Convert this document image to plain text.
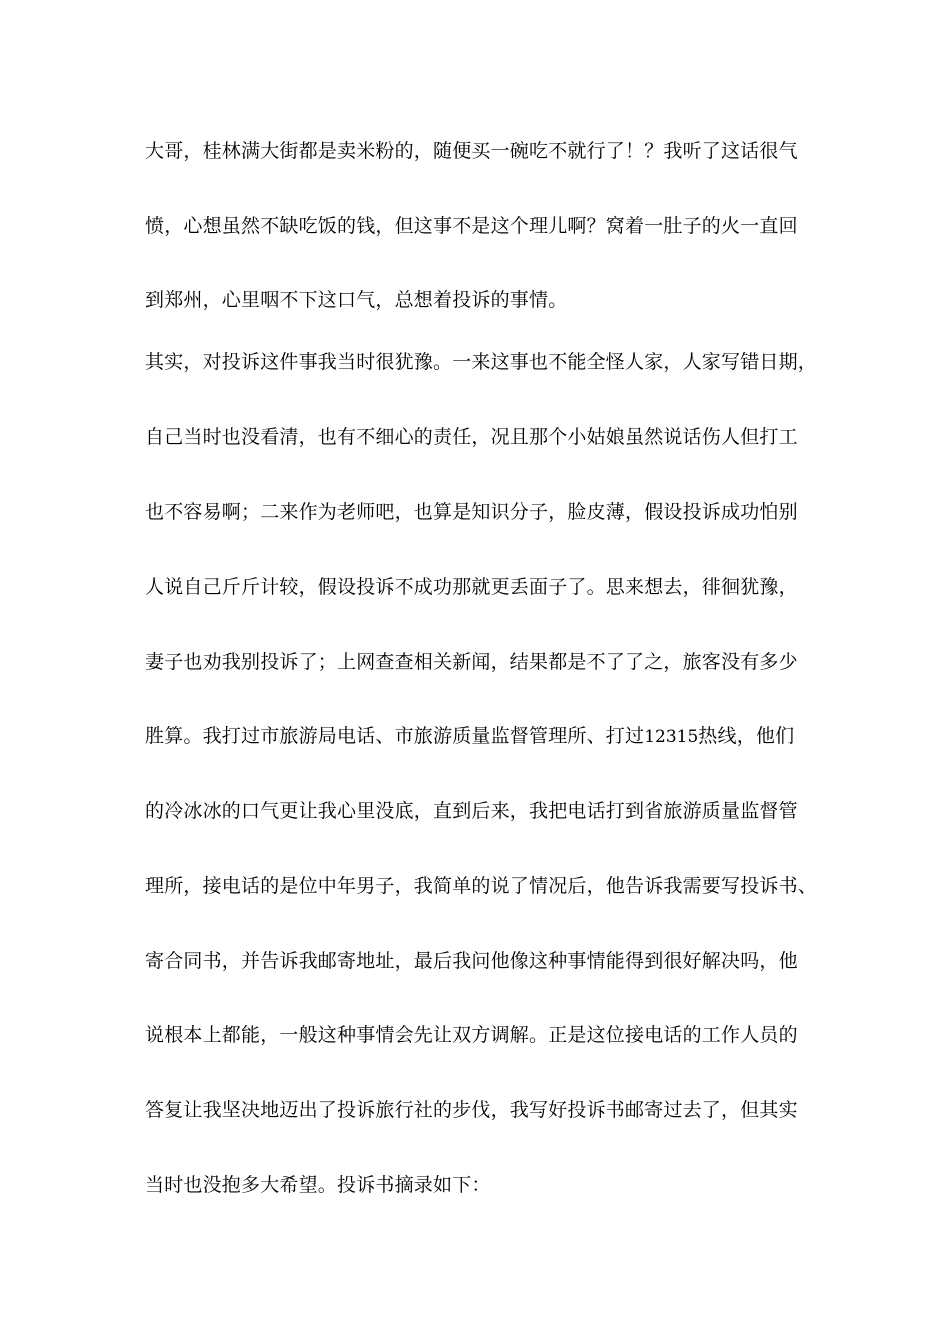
大哥，桂林满大街都是卖米粉的，随便买一碗吃不就行了！？我听了这话很气
愤，心想虽然不缺吃饭的钱，但这事不是这个理儿啊？窝着一肚子的火一直回
到郑州，心里咽不下这口气，总想着投诉的事情。
其实，对投诉这件事我当时很犹豫。一来这事也不能全怪人家，人家写错日期，
自己当时也没看清，也有不细心的责任，况且那个小姑娘虽然说话伤人但打工
也不容易啊；二来作为老师吧，也算是知识分子，脸皮薄，假设投诉成功怕别
人说自己斤斤计较，假设投诉不成功那就更丢面子了。思来想去，徘徊犹豫，
妻子也劝我别投诉了；上网查查相关新闻，结果都是不了了之，旅客没有多少
胜算。我打过市旅游局电话、市旅游质量监督管理所、打过12315热线，他们
的冷冰冰的口气更让我心里没底，直到后来，我把电话打到省旅游质量监督管
理所，接电话的是位中年男子，我简单的说了情况后，他告诉我需要写投诉书、
寄合同书，并告诉我邮寄地址，最后我问他像这种事情能得到很好解决吗，他
说根本上都能，一般这种事情会先让双方调解。正是这位接电话的工作人员的
答复让我坚决地迈出了投诉旅行社的步伐，我写好投诉书邮寄过去了，但其实
当时也没抱多大希望。投诉书摘录如下：
